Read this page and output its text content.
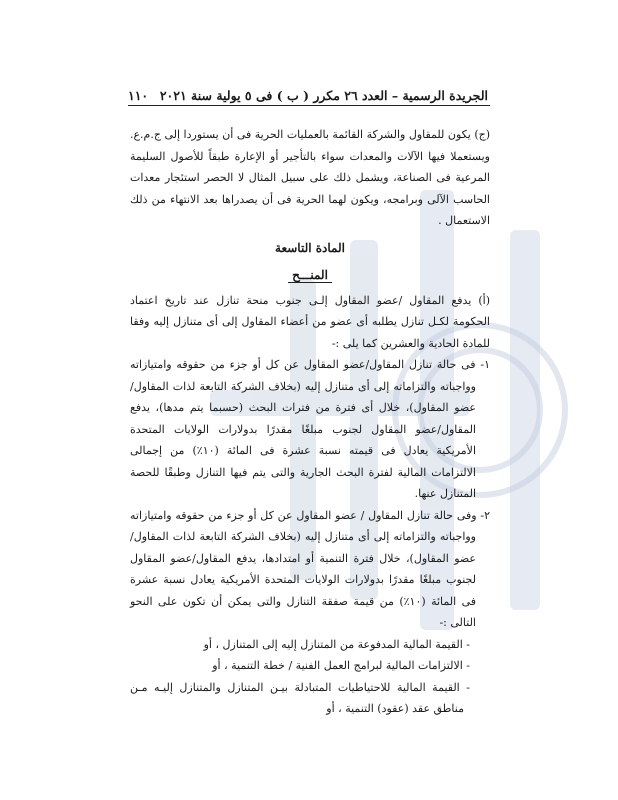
الجريدة الرسمية – العدد ٢٦ مكرر ( ب ) فى ٥ يولية سنة ٢٠٢١
١١٠

(ج) يكون للمقاول والشركة القائمة بالعمليات الحرية فى أن يستوردا إلى ج.م.ع. ويستعملا فيها الآلات والمعدات سواء بالتأجير أو الإعارة طبقاً للأصول السليمة المرعية فى الصناعة، ويشمل ذلك على سبيل المثال لا الحصر استئجار معدات الحاسب الآلى وبرامجه، ويكون لهما الحرية فى أن يصدراها بعد الانتهاء من ذلك الاستعمال .

المادة التاسعة

المنـــح

(أ) يدفع المقاول /عضو المقاول إلـى جنوب منحة تنازل عند تاريخ اعتماد الحكومة لكـل تنازل يطلبه أى عضو من أعضاء المقاول إلى أى متنازل إليه وفقا للمادة الحادية والعشرين كما يلى :-

١- فى حالة تنازل المقاول/عضو المقاول عن كل أو جزء من حقوقه وامتيازاته وواجباته والتزاماته إلى أى متنازل إليه (بخلاف الشركة التابعة لذات المقاول/عضو المقاول)، خلال أى فترة من فترات البحث (حسبما يتم مدها)، يدفع المقاول/عضو المقاول لجنوب مبلغًا مقدرًا بدولارات الولايات المتحدة الأمريكية يعادل فى قيمته نسبة عشرة فى المائة (١٠٪) من إجمالى الالتزامات المالية لفترة البحث الجارية والتى يتم فيها التنازل وطبقًا للحصة المتنازل عنها.

٢- وفى حالة تنازل المقاول / عضو المقاول عن كل أو جزء من حقوقه وامتيازاته وواجباته والتزاماته إلى أى متنازل إليه (بخلاف الشركة التابعة لذات المقاول/عضو المقاول)، خلال فترة التنمية أو امتدادها، يدفع المقاول/عضو المقاول لجنوب مبلغًا مقدرًا بدولارات الولايات المتحدة الأمريكية يعادل نسبة عشرة فى المائة (١٠٪) من قيمة صفقة التنازل والتى يمكن أن تكون على النحو التالى :-

- القيمة المالية المدفوعة من المتنازل إليه إلى المتنازل ، أو

- الالتزامات المالية لبرامج العمل الفنية / خطة التنمية ، أو

- القيمة المالية للاحتياطيات المتبادلة بيـن المتنازل والمتنازل إليـه مـن مناطق عقد (عقود) التنمية ، أو
